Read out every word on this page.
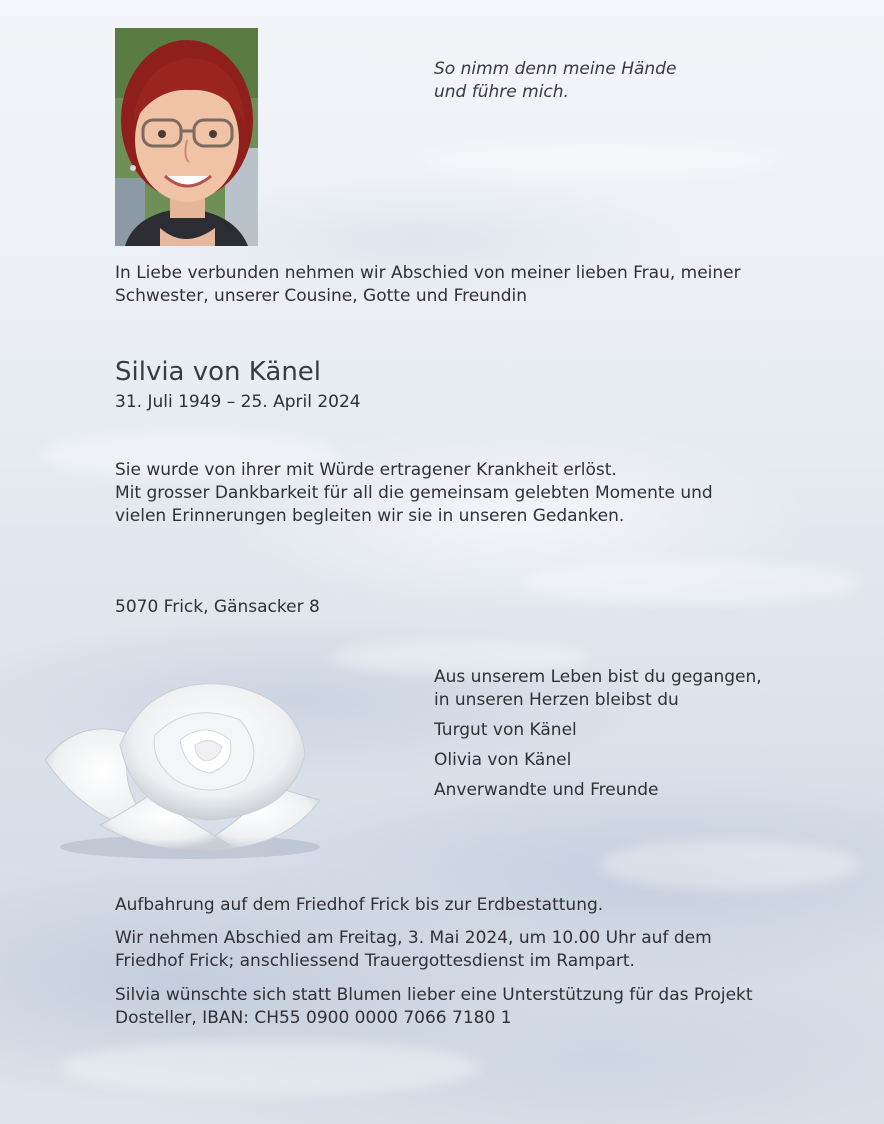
So nimm denn meine Hände
und führe mich.
In Liebe verbunden nehmen wir Abschied von meiner lieben Frau, meiner
Schwester, unserer Cousine, Gotte und Freundin
Silvia von Känel
31. Juli 1949 – 25. April 2024
Sie wurde von ihrer mit Würde ertragener Krankheit erlöst.
Mit grosser Dankbarkeit für all die gemeinsam gelebten Momente und
vielen Erinnerungen begleiten wir sie in unseren Gedanken.
5070 Frick, Gänsacker 8
Aus unserem Leben bist du gegangen,
in unseren Herzen bleibst du
Turgut von Känel
Olivia von Känel
Anverwandte und Freunde
Aufbahrung auf dem Friedhof Frick bis zur Erdbestattung.
Wir nehmen Abschied am Freitag, 3. Mai 2024, um 10.00 Uhr auf dem
Friedhof Frick; anschliessend Trauergottesdienst im Rampart.
Silvia wünschte sich statt Blumen lieber eine Unterstützung für das Projekt
Dosteller, IBAN: CH55 0900 0000 7066 7180 1
